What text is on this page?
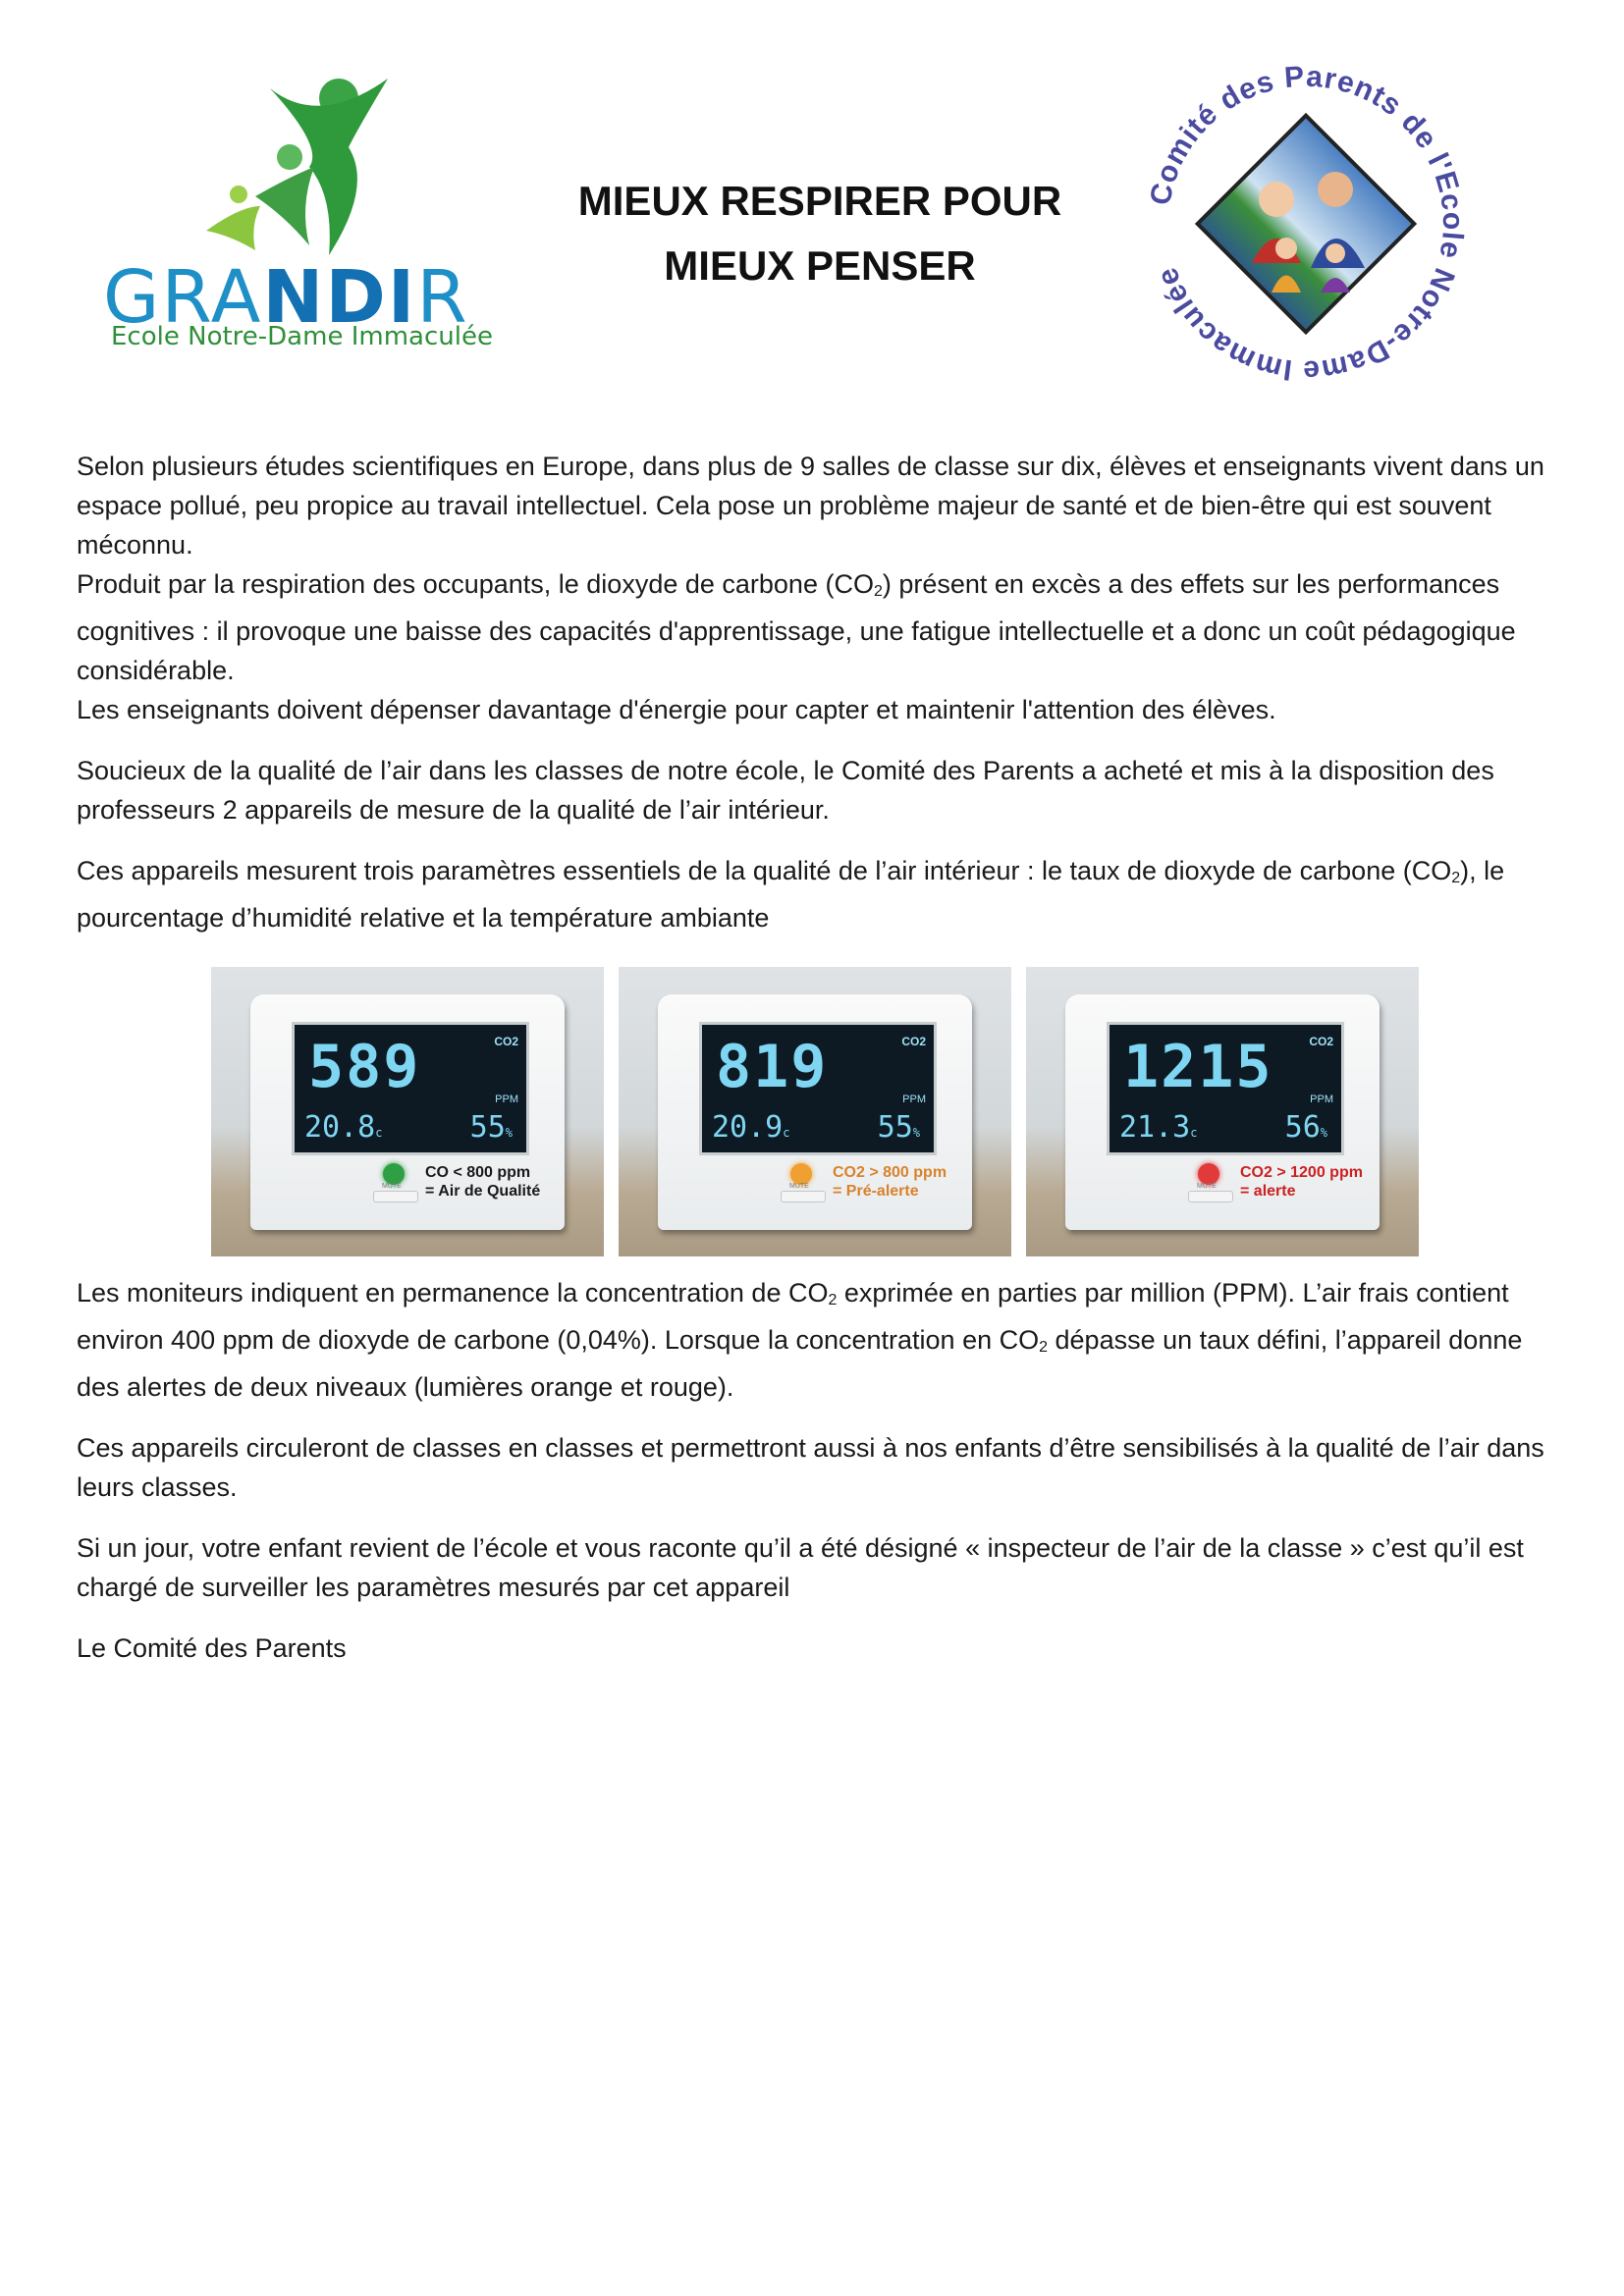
GRANDIR
Ecole Notre-Dame Immaculée
MIEUX RESPIRER POUR
MIEUX PENSER
Comité des Parents de l'Ecole Notre-Dame Immaculée

Selon plusieurs études scientifiques en Europe, dans plus de 9 salles de classe sur dix, élèves et enseignants vivent dans un
espace pollué, peu propice au travail intellectuel. Cela pose un problème majeur de santé et de bien-être qui est souvent
méconnu.
Produit par la respiration des occupants, le dioxyde de carbone $(CO_2)$ présent en excès a des effets sur les performances
cognitives : il provoque une baisse des capacités d'apprentissage, une fatigue intellectuelle et a donc un coût pédagogique
considérable.
Les enseignants doivent dépenser davantage d'énergie pour capter et maintenir l'attention des élèves.

Soucieux de la qualité de l’air dans les classes de notre école, le Comité des Parents a acheté et mis à la disposition des
professeurs 2 appareils de mesure de la qualité de l’air intérieur.

Ces appareils mesurent trois paramètres essentiels de la qualité de l’air intérieur : le taux de dioxyde de carbone $(CO_2)$, le
pourcentage d’humidité relative et la température ambiante

589	CO2
PPM
20.8c	55%
MUTE
CO < 800 ppm
= Air de Qualité
819	CO2
PPM
20.9c	55%
MUTE
CO2 > 800 ppm
= Pré-alerte
1215	CO2
PPM
21.3c	56%
MUTE
CO2 > 1200 ppm
= alerte

Les moniteurs indiquent en permanence la concentration de $CO_2$ exprimée en parties par million (PPM). L’air frais contient
environ 400 ppm de dioxyde de carbone (0,04%). Lorsque la concentration en $CO_2$ dépasse un taux défini, l’appareil donne
des alertes de deux niveaux (lumières orange et rouge).

Ces appareils circuleront de classes en classes et permettront aussi à nos enfants d’être sensibilisés à la qualité de l’air dans
leurs classes.

Si un jour, votre enfant revient de l’école et vous raconte qu’il a été désigné « inspecteur de l’air de la classe » c’est qu’il est
chargé de surveiller les paramètres mesurés par cet appareil

Le Comité des Parents
